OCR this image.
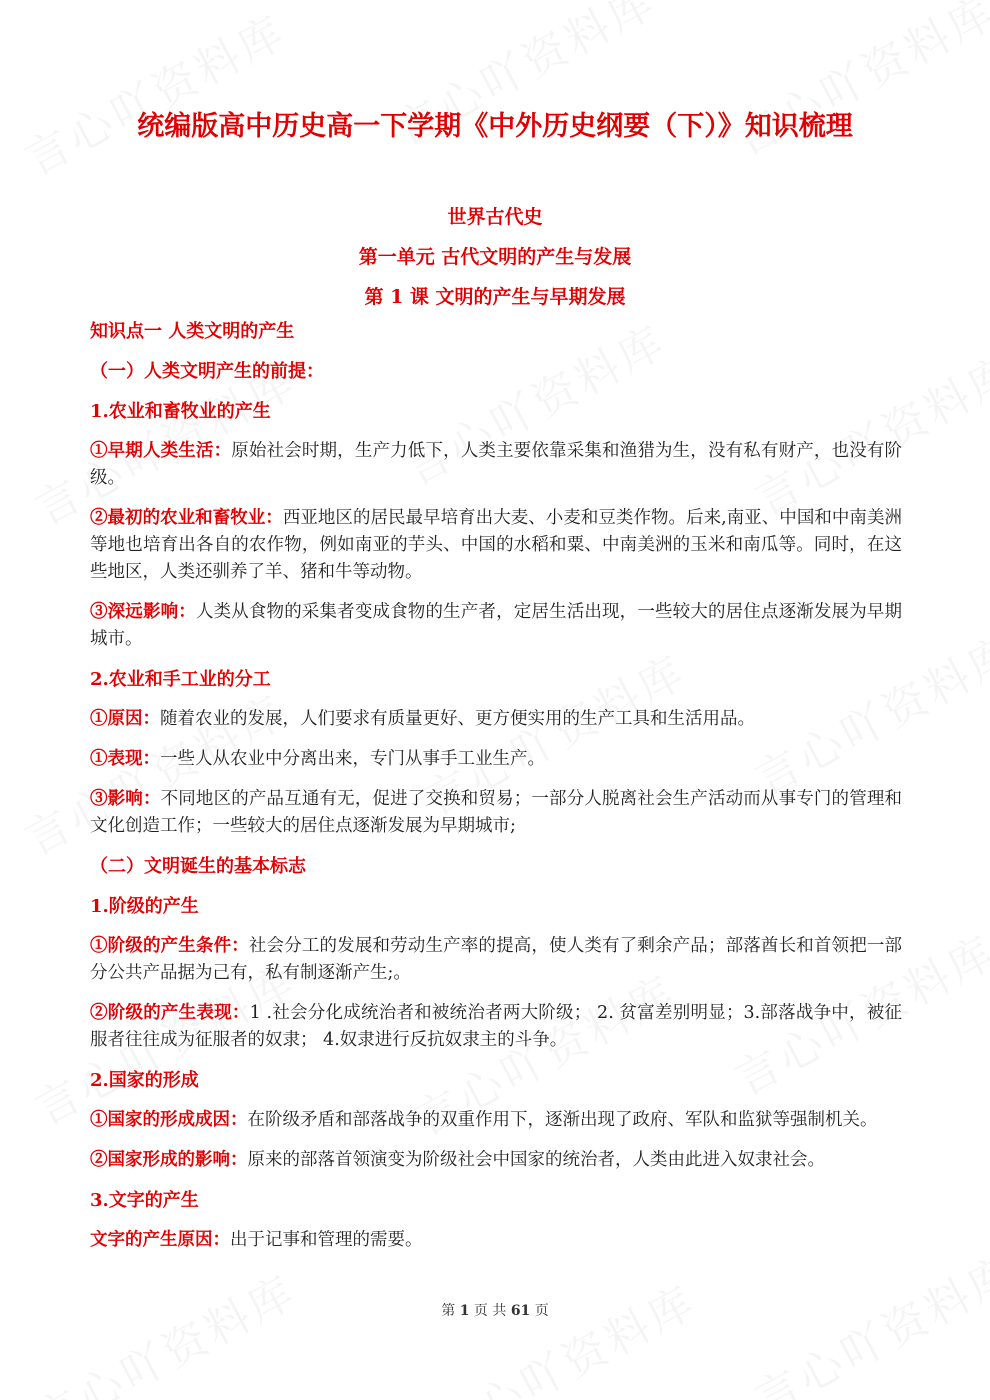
统编版高中历史高一下学期《中外历史纲要（下）》知识梳理
世界古代史
第一单元 古代文明的产生与发展
第 1 课 文明的产生与早期发展
知识点一 人类文明的产生
（一）人类文明产生的前提：
1.农业和畜牧业的产生

①早期人类生活：原始社会时期，生产力低下，人类主要依靠采集和渔猎为生，没有私有财产，也没有阶级。

②最初的农业和畜牧业：西亚地区的居民最早培育出大麦、小麦和豆类作物。后来,南亚、中国和中南美洲等地也培育出各自的农作物，例如南亚的芋头、中国的水稻和粟、中南美洲的玉米和南瓜等。同时，在这些地区，人类还驯养了羊、猪和牛等动物。

③深远影响：人类从食物的采集者变成食物的生产者，定居生活出现，一些较大的居住点逐渐发展为早期城市。

2.农业和手工业的分工

①原因：随着农业的发展，人们要求有质量更好、更方便实用的生产工具和生活用品。

①表现：一些人从农业中分离出来，专门从事手工业生产。

③影响：不同地区的产品互通有无，促进了交换和贸易；一部分人脱离社会生产活动而从事专门的管理和文化创造工作；一些较大的居住点逐渐发展为早期城市;

（二）文明诞生的基本标志
1.阶级的产生

①阶级的产生条件：社会分工的发展和劳动生产率的提高，使人类有了剩余产品；部落酋长和首领把一部分公共产品据为己有，私有制逐渐产生;。

②阶级的产生表现：1 .社会分化成统治者和被统治者两大阶级； 2. 贫富差别明显；3.部落战争中，被征服者往往成为征服者的奴隶； 4.奴隶进行反抗奴隶主的斗争。

2.国家的形成

①国家的形成成因：在阶级矛盾和部落战争的双重作用下，逐渐出现了政府、军队和监狱等强制机关。

②国家形成的影响：原来的部落首领演变为阶级社会中国家的统治者，人类由此进入奴隶社会。

3.文字的产生

文字的产生原因：出于记事和管理的需要。

第 1 页 共 61 页
